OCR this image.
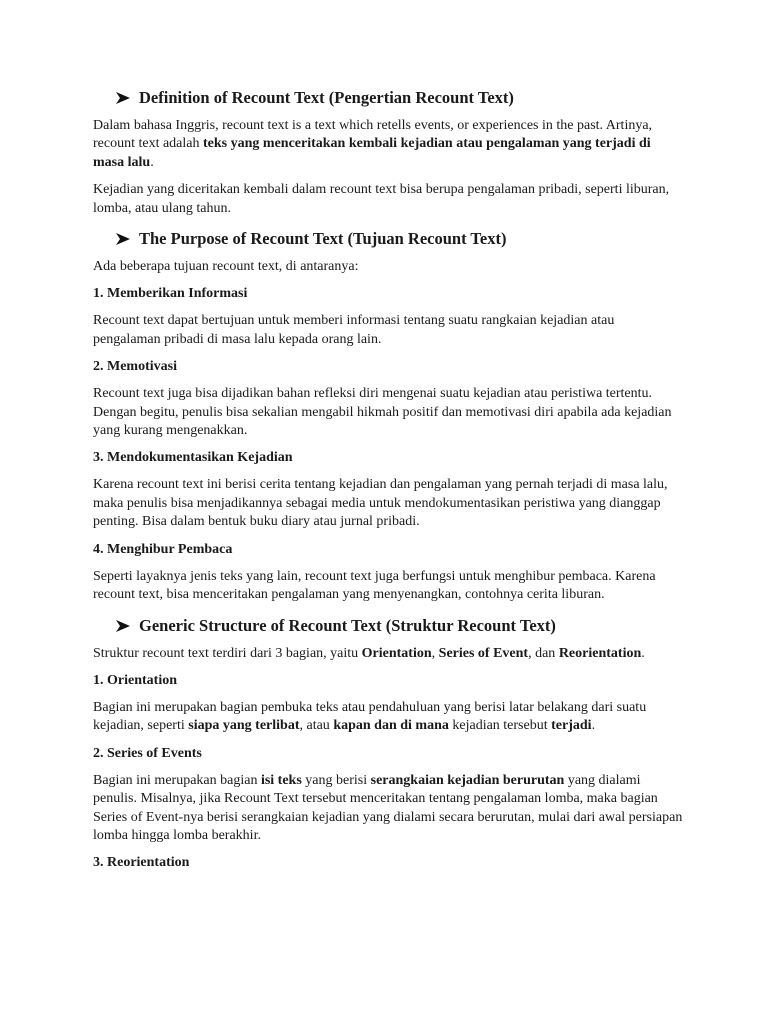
Definition of Recount Text (Pengertian Recount Text)

Dalam bahasa Inggris, recount text is a text which retells events, or experiences in the past. Artinya, recount text adalah teks yang menceritakan kembali kejadian atau pengalaman yang terjadi di masa lalu.

Kejadian yang diceritakan kembali dalam recount text bisa berupa pengalaman pribadi, seperti liburan, lomba, atau ulang tahun.

The Purpose of Recount Text (Tujuan Recount Text)

Ada beberapa tujuan recount text, di antaranya:

1. Memberikan Informasi

Recount text dapat bertujuan untuk memberi informasi tentang suatu rangkaian kejadian atau pengalaman pribadi di masa lalu kepada orang lain.

2. Memotivasi

Recount text juga bisa dijadikan bahan refleksi diri mengenai suatu kejadian atau peristiwa tertentu. Dengan begitu, penulis bisa sekalian mengabil hikmah positif dan memotivasi diri apabila ada kejadian yang kurang mengenakkan.

3. Mendokumentasikan Kejadian

Karena recount text ini berisi cerita tentang kejadian dan pengalaman yang pernah terjadi di masa lalu, maka penulis bisa menjadikannya sebagai media untuk mendokumentasikan peristiwa yang dianggap penting. Bisa dalam bentuk buku diary atau jurnal pribadi.

4. Menghibur Pembaca

Seperti layaknya jenis teks yang lain, recount text juga berfungsi untuk menghibur pembaca. Karena recount text, bisa menceritakan pengalaman yang menyenangkan, contohnya cerita liburan.

Generic Structure of Recount Text (Struktur Recount Text)

Struktur recount text terdiri dari 3 bagian, yaitu Orientation, Series of Event, dan Reorientation.

1. Orientation

Bagian ini merupakan bagian pembuka teks atau pendahuluan yang berisi latar belakang dari suatu kejadian, seperti siapa yang terlibat, atau kapan dan di mana kejadian tersebut terjadi.

2. Series of Events

Bagian ini merupakan bagian isi teks yang berisi serangkaian kejadian berurutan yang dialami penulis. Misalnya, jika Recount Text tersebut menceritakan tentang pengalaman lomba, maka bagian Series of Event-nya berisi serangkaian kejadian yang dialami secara berurutan, mulai dari awal persiapan lomba hingga lomba berakhir.

3. Reorientation
